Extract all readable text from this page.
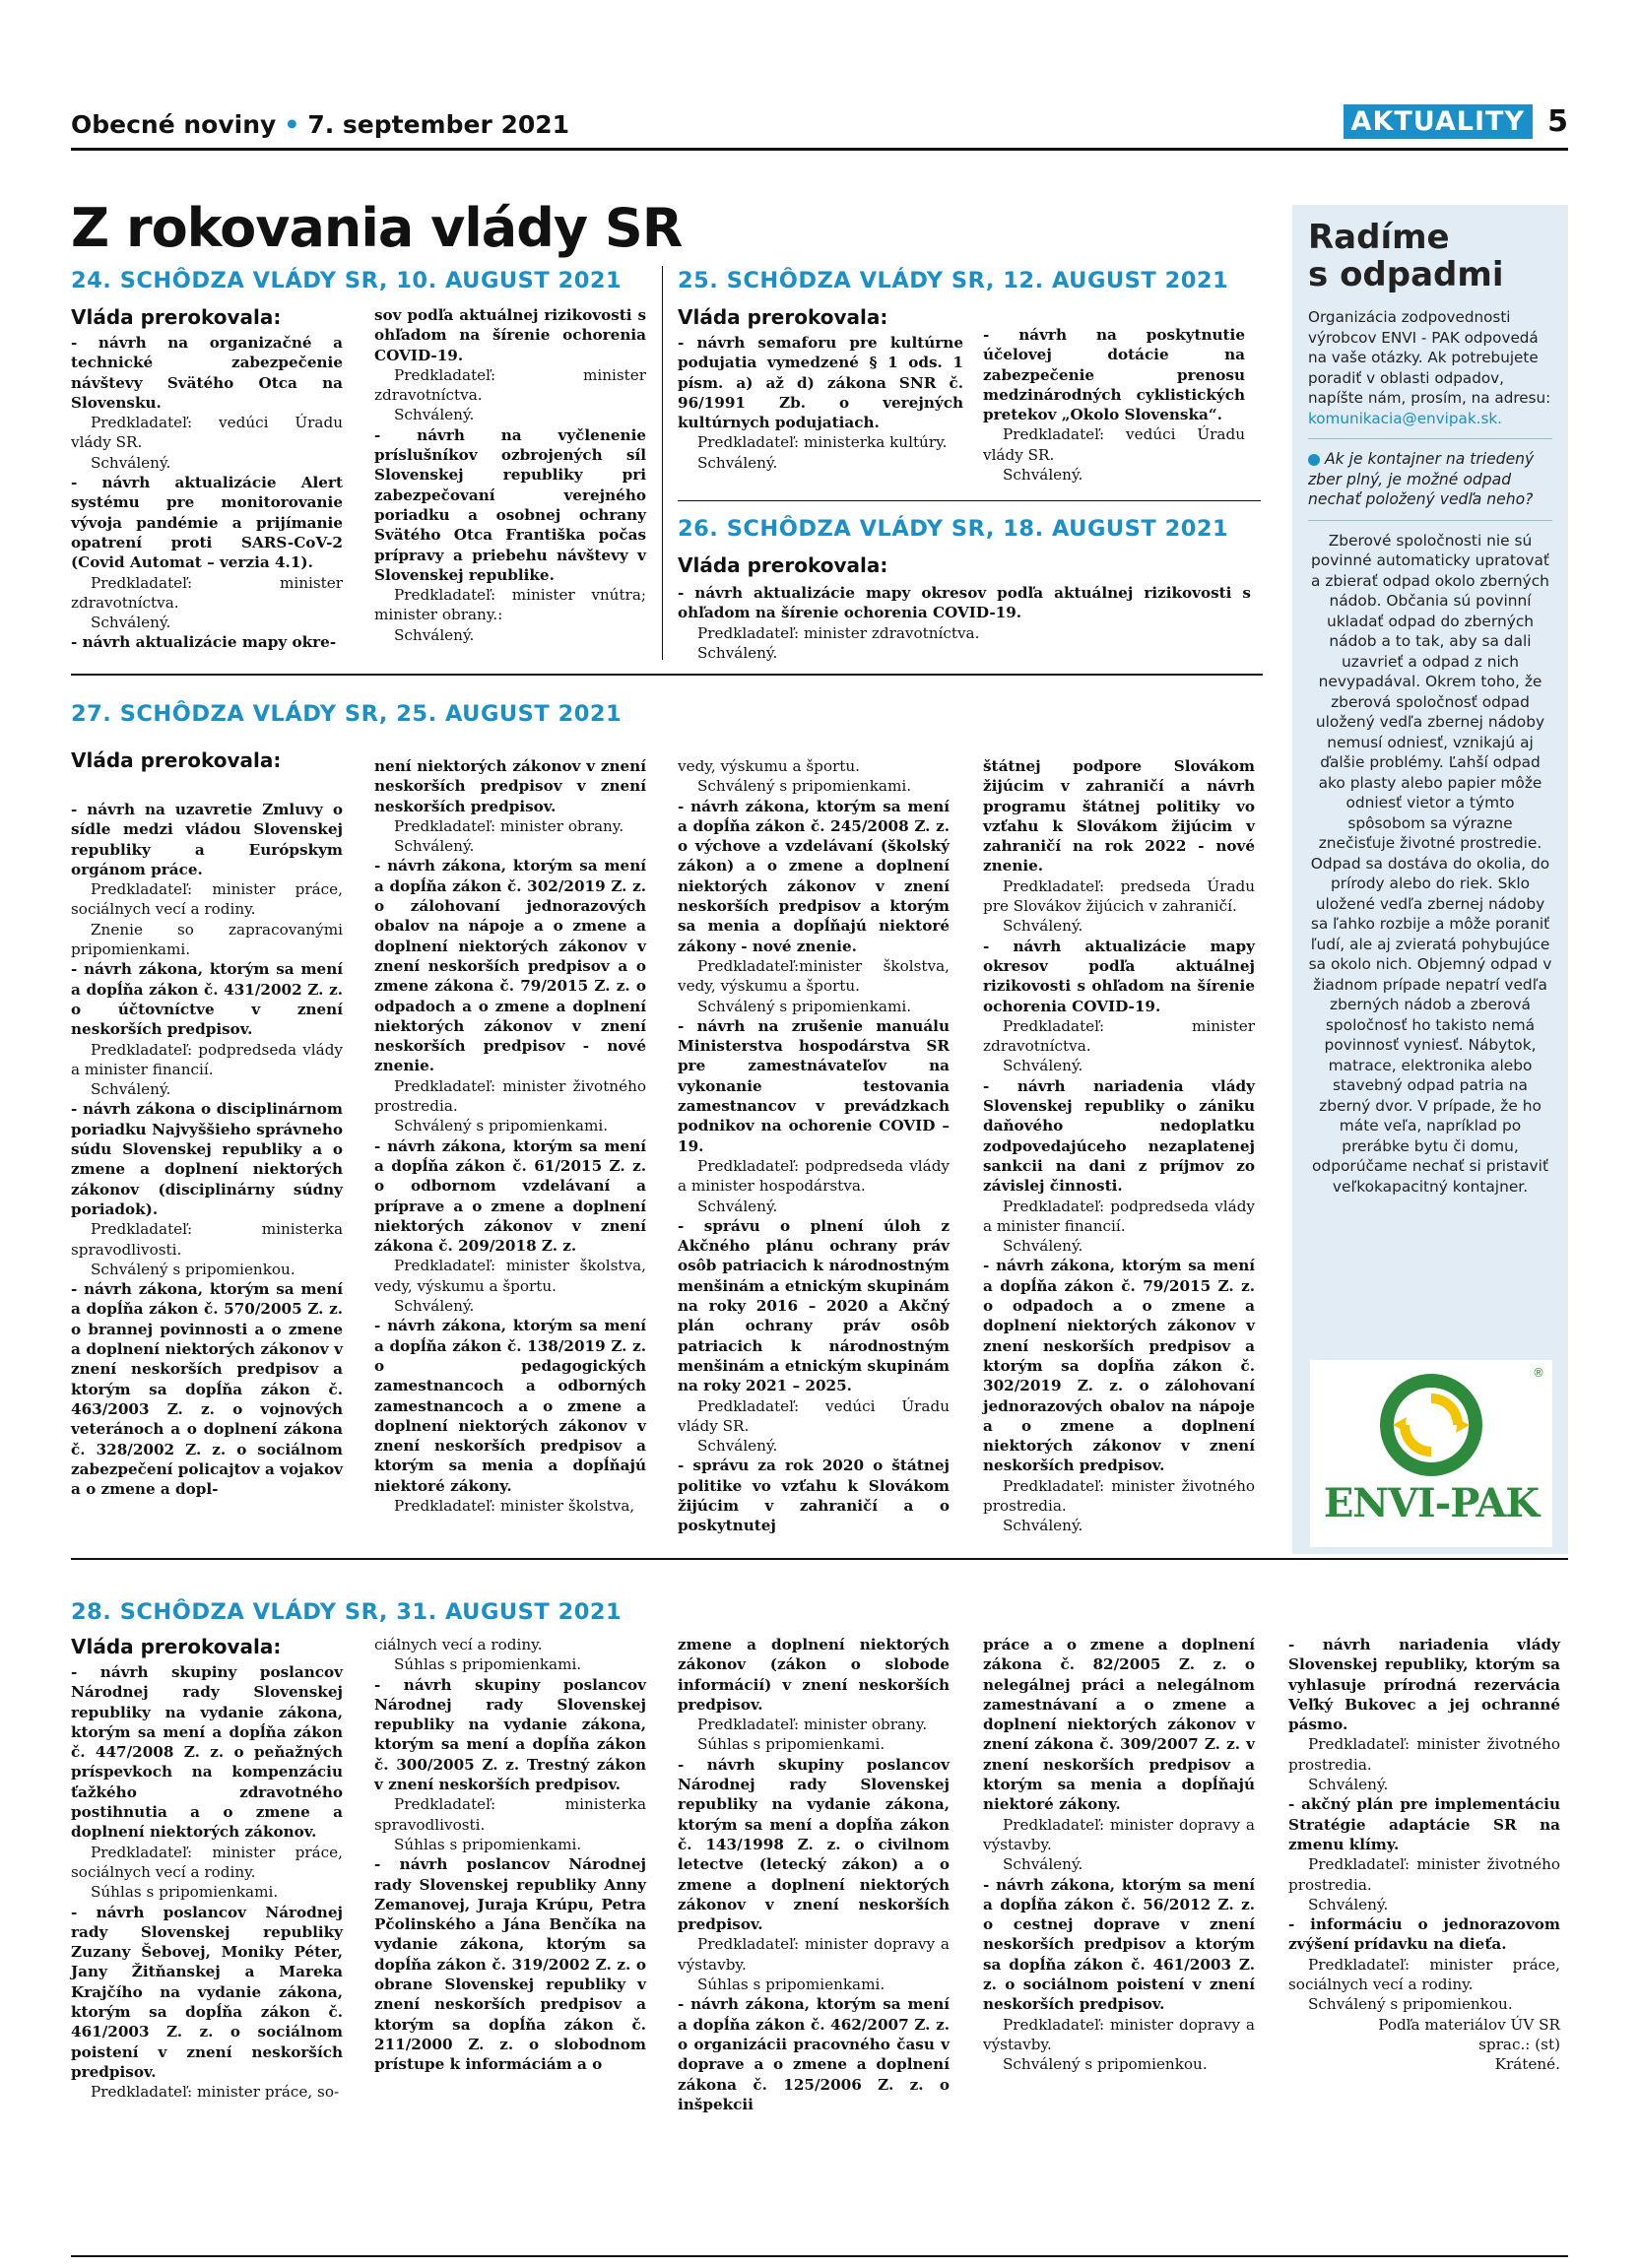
Obecné noviny • 7. september 2021	AKTUALITY 5
Z rokovania vlády SR
24. SCHÔDZA VLÁDY SR, 10. AUGUST 2021
Vláda prerokovala:

- návrh na organizačné a technické zabezpečenie návštevy Svätého Otca na Slovensku.

Predkladateľ: vedúci Úradu vlády SR.

Schválený.

- návrh aktualizácie Alert systému pre monitorovanie vývoja pandémie a prijímanie opatrení proti SARS-CoV-2 (Covid Automat – verzia 4.1).

Predkladateľ: minister zdravotníctva.

Schválený.

- návrh aktualizácie mapy okre-

sov podľa aktuálnej rizikovosti s ohľadom na šírenie ochorenia COVID-19.

Predkladateľ: minister zdravotníctva.

Schválený.

- návrh na vyčlenenie príslušníkov ozbrojených síl Slovenskej republiky pri zabezpečovaní verejného poriadku a osobnej ochrany Svätého Otca Františka počas prípravy a priebehu návštevy v Slovenskej republike.

Predkladateľ: minister vnútra; minister obrany.:

Schválený.

25. SCHÔDZA VLÁDY SR, 12. AUGUST 2021
Vláda prerokovala:

- návrh semaforu pre kultúrne podujatia vymedzené § 1 ods. 1 písm. a) až d) zákona SNR č. 96/1991 Zb. o verejných kultúrnych podujatiach.

Predkladateľ: ministerka kultúry.

Schválený.

- návrh na poskytnutie účelovej dotácie na zabezpečenie prenosu medzinárodných cyklistických pretekov „Okolo Slovenska“.

Predkladateľ: vedúci Úradu vlády SR.

Schválený.

26. SCHÔDZA VLÁDY SR, 18. AUGUST 2021
Vláda prerokovala:

- návrh aktualizácie mapy okresov podľa aktuálnej rizikovosti s ohľadom na šírenie ochorenia COVID-19.

Predkladateľ: minister zdravotníctva.

Schválený.

27. SCHÔDZA VLÁDY SR, 25. AUGUST 2021
Vláda prerokovala:

- návrh na uzavretie Zmluvy o sídle medzi vládou Slovenskej republiky a Európskym orgánom práce.

Predkladateľ: minister práce, sociálnych vecí a rodiny.

Znenie so zapracovanými pripomienkami.

- návrh zákona, ktorým sa mení a dopĺňa zákon č. 431/2002 Z. z. o účtovníctve v znení neskorších predpisov.

Predkladateľ: podpredseda vlády a minister financií.

Schválený.

- návrh zákona o disciplinárnom poriadku Najvyššieho správneho súdu Slovenskej republiky a o zmene a doplnení niektorých zákonov (disciplinárny súdny poriadok).

Predkladateľ: ministerka spravodlivosti.

Schválený s pripomienkou.

- návrh zákona, ktorým sa mení a dopĺňa zákon č. 570/2005 Z. z. o brannej povinnosti a o zmene a doplnení niektorých zákonov v znení neskorších predpisov a ktorým sa dopĺňa zákon č. 463/2003 Z. z. o vojnových veteránoch a o doplnení zákona č. 328/2002 Z. z. o sociálnom zabezpečení policajtov a vojakov a o zmene a dopl-

není niektorých zákonov v znení neskorších predpisov v znení neskorších predpisov.

Predkladateľ: minister obrany.

Schválený.

- návrh zákona, ktorým sa mení a dopĺňa zákon č. 302/2019 Z. z. o zálohovaní jednorazových obalov na nápoje a o zmene a doplnení niektorých zákonov v znení neskorších predpisov a o zmene zákona č. 79/2015 Z. z. o odpadoch a o zmene a doplnení niektorých zákonov v znení neskorších predpisov - nové znenie.

Predkladateľ: minister životného prostredia.

Schválený s pripomienkami.

- návrh zákona, ktorým sa mení a dopĺňa zákon č. 61/2015 Z. z. o odbornom vzdelávaní a príprave a o zmene a doplnení niektorých zákonov v znení zákona č. 209/2018 Z. z.

Predkladateľ: minister školstva, vedy, výskumu a športu.

Schválený.

- návrh zákona, ktorým sa mení a dopĺňa zákon č. 138/2019 Z. z. o pedagogických zamestnancoch a odborných zamestnancoch a o zmene a doplnení niektorých zákonov v znení neskorších predpisov a ktorým sa menia a dopĺňajú niektoré zákony.

Predkladateľ: minister školstva,

vedy, výskumu a športu.

Schválený s pripomienkami.

- návrh zákona, ktorým sa mení a dopĺňa zákon č. 245/2008 Z. z. o výchove a vzdelávaní (školský zákon) a o zmene a doplnení niektorých zákonov v znení neskorších predpisov a ktorým sa menia a dopĺňajú niektoré zákony - nové znenie.

Predkladateľ:minister školstva, vedy, výskumu a športu.

Schválený s pripomienkami.

- návrh na zrušenie manuálu Ministerstva hospodárstva SR pre zamestnávateľov na vykonanie testovania zamestnancov v prevádzkach podnikov na ochorenie COVID – 19.

Predkladateľ: podpredseda vlády a minister hospodárstva.

Schválený.

- správu o plnení úloh z Akčného plánu ochrany práv osôb patriacich k národnostným menšinám a etnickým skupinám na roky 2016 – 2020 a Akčný plán ochrany práv osôb patriacich k národnostným menšinám a etnickým skupinám na roky 2021 – 2025.

Predkladateľ: vedúci Úradu vlády SR.

Schválený.

- správu za rok 2020 o štátnej politike vo vzťahu k Slovákom žijúcim v zahraničí a o poskytnutej

štátnej podpore Slovákom žijúcim v zahraničí a návrh programu štátnej politiky vo vzťahu k Slovákom žijúcim v zahraničí na rok 2022 - nové znenie.

Predkladateľ: predseda Úradu pre Slovákov žijúcich v zahraničí.

Schválený.

- návrh aktualizácie mapy okresov podľa aktuálnej rizikovosti s ohľadom na šírenie ochorenia COVID-19.

Predkladateľ: minister zdravotníctva.

Schválený.

- návrh nariadenia vlády Slovenskej republiky o zániku daňového nedoplatku zodpovedajúceho nezaplatenej sankcii na dani z príjmov zo závislej činnosti.

Predkladateľ: podpredseda vlády a minister financií.

Schválený.

- návrh zákona, ktorým sa mení a dopĺňa zákon č. 79/2015 Z. z. o odpadoch a o zmene a doplnení niektorých zákonov v znení neskorších predpisov a ktorým sa dopĺňa zákon č. 302/2019 Z. z. o zálohovaní jednorazových obalov na nápoje a o zmene a doplnení niektorých zákonov v znení neskorších predpisov.

Predkladateľ: minister životného prostredia.

Schválený.

28. SCHÔDZA VLÁDY SR, 31. AUGUST 2021
Vláda prerokovala:

- návrh skupiny poslancov Národnej rady Slovenskej republiky na vydanie zákona, ktorým sa mení a dopĺňa zákon č. 447/2008 Z. z. o peňažných príspevkoch na kompenzáciu ťažkého zdravotného postihnutia a o zmene a doplnení niektorých zákonov.

Predkladateľ: minister práce, sociálnych vecí a rodiny.

Súhlas s pripomienkami.

- návrh poslancov Národnej rady Slovenskej republiky Zuzany Šebovej, Moniky Péter, Jany Žitňanskej a Mareka Krajčího na vydanie zákona, ktorým sa dopĺňa zákon č. 461/2003 Z. z. o sociálnom poistení v znení neskorších predpisov.

Predkladateľ: minister práce, so-

ciálnych vecí a rodiny.

Súhlas s pripomienkami.

- návrh skupiny poslancov Národnej rady Slovenskej republiky na vydanie zákona, ktorým sa mení a dopĺňa zákon č. 300/2005 Z. z. Trestný zákon v znení neskorších predpisov.

Predkladateľ: ministerka spravodlivosti.

Súhlas s pripomienkami.

- návrh poslancov Národnej rady Slovenskej republiky Anny Zemanovej, Juraja Krúpu, Petra Pčolinského a Jána Benčíka na vydanie zákona, ktorým sa dopĺňa zákon č. 319/2002 Z. z. o obrane Slovenskej republiky v znení neskorších predpisov a ktorým sa dopĺňa zákon č. 211/2000 Z. z. o slobodnom prístupe k informáciám a o

zmene a doplnení niektorých zákonov (zákon o slobode informácií) v znení neskorších predpisov.

Predkladateľ: minister obrany.

Súhlas s pripomienkami.

- návrh skupiny poslancov Národnej rady Slovenskej republiky na vydanie zákona, ktorým sa mení a dopĺňa zákon č. 143/1998 Z. z. o civilnom letectve (letecký zákon) a o zmene a doplnení niektorých zákonov v znení neskorších predpisov.

Predkladateľ: minister dopravy a výstavby.

Súhlas s pripomienkami.

- návrh zákona, ktorým sa mení a dopĺňa zákon č. 462/2007 Z. z. o organizácii pracovného času v doprave a o zmene a doplnení zákona č. 125/2006 Z. z. o inšpekcii

práce a o zmene a doplnení zákona č. 82/2005 Z. z. o nelegálnej práci a nelegálnom zamestnávaní a o zmene a doplnení niektorých zákonov v znení zákona č. 309/2007 Z. z. v znení neskorších predpisov a ktorým sa menia a dopĺňajú niektoré zákony.

Predkladateľ: minister dopravy a výstavby.

Schválený.

- návrh zákona, ktorým sa mení a dopĺňa zákon č. 56/2012 Z. z. o cestnej doprave v znení neskorších predpisov a ktorým sa dopĺňa zákon č. 461/2003 Z. z. o sociálnom poistení v znení neskorších predpisov.

Predkladateľ: minister dopravy a výstavby.

Schválený s pripomienkou.

- návrh nariadenia vlády Slovenskej republiky, ktorým sa vyhlasuje prírodná rezervácia Veľký Bukovec a jej ochranné pásmo.

Predkladateľ: minister životného prostredia.

Schválený.

- akčný plán pre implementáciu Stratégie adaptácie SR na zmenu klímy.

Predkladateľ: minister životného prostredia.

Schválený.

- informáciu o jednorazovom zvýšení prídavku na dieťa.

Predkladateľ: minister práce, sociálnych vecí a rodiny.

Schválený s pripomienkou.

Podľa materiálov ÚV SR

sprac.: (st)

Krátené.

Radíme
s odpadmi
Organizácia zodpovednosti výrobcov ENVI - PAK odpovedá na vaše otázky. Ak potrebujete poradiť v oblasti odpadov, napíšte nám, prosím, na adresu: komunikacia@envipak.sk.
Ak je kontajner na triedený zber plný, je možné odpad nechať položený vedľa neho?
Zberové spoločnosti nie sú povinné automaticky upratovať a zbierať odpad okolo zberných nádob. Občania sú povinní ukladať odpad do zberných nádob a to tak, aby sa dali uzavrieť a odpad z nich nevypadával. Okrem toho, že zberová spoločnosť odpad uložený vedľa zbernej nádoby nemusí odniesť, vznikajú aj ďalšie problémy. Ľahší odpad ako plasty alebo papier môže odniesť vietor a týmto spôsobom sa výrazne znečisťuje životné prostredie. Odpad sa dostáva do okolia, do prírody alebo do riek. Sklo uložené vedľa zbernej nádoby sa ľahko rozbije a môže poraniť ľudí, ale aj zvieratá pohybujúce sa okolo nich. Objemný odpad v žiadnom prípade nepatrí vedľa zberných nádob a zberová spoločnosť ho takisto nemá povinnosť vyniesť. Nábytok, matrace, elektronika alebo stavebný odpad patria na zberný dvor. V prípade, že ho máte veľa, napríklad po prerábke bytu či domu, odporúčame nechať si pristaviť veľkokapacitný kontajner.
ENVI-PAK
®
